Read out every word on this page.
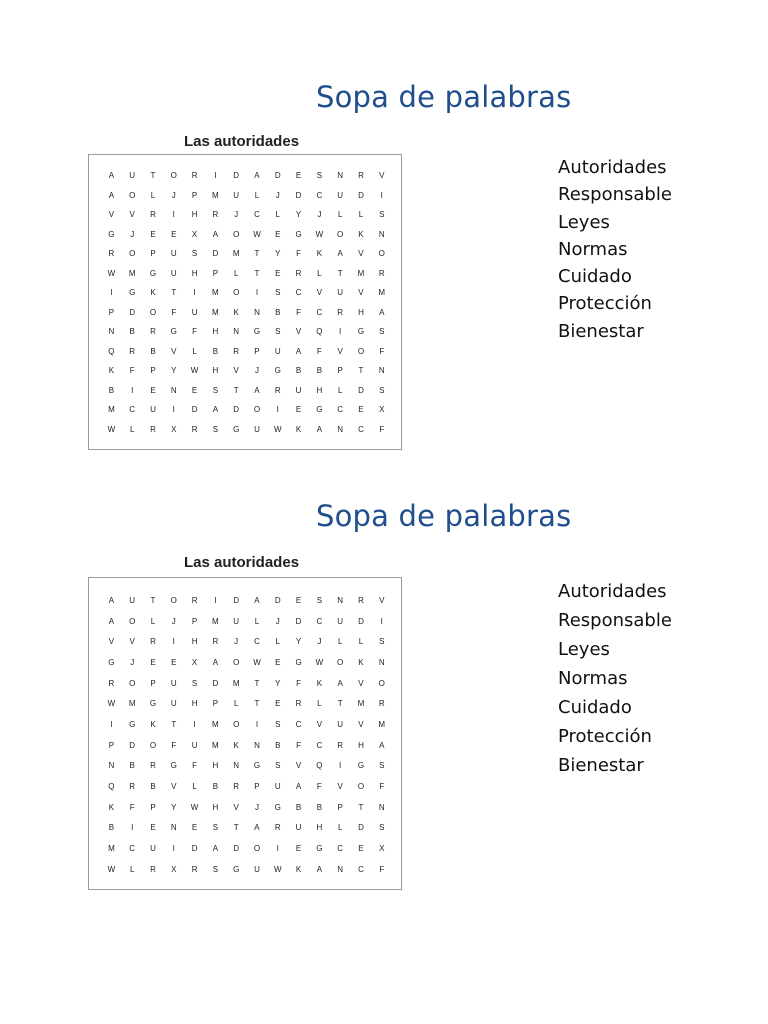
Sopa de palabras
Las autoridades
A	U	T	O	R	I	D	A	D	E	S	N	R	V
A	O	L	J	P	M	U	L	J	D	C	U	D	I
V	V	R	I	H	R	J	C	L	Y	J	L	L	S
G	J	E	E	X	A	O	W	E	G	W	O	K	N
R	O	P	U	S	D	M	T	Y	F	K	A	V	O
W	M	G	U	H	P	L	T	E	R	L	T	M	R
I	G	K	T	I	M	O	I	S	C	V	U	V	M
P	D	O	F	U	M	K	N	B	F	C	R	H	A
N	B	R	G	F	H	N	G	S	V	Q	I	G	S
Q	R	B	V	L	B	R	P	U	A	F	V	O	F
K	F	P	Y	W	H	V	J	G	B	B	P	T	N
B	I	E	N	E	S	T	A	R	U	H	L	D	S
M	C	U	I	D	A	D	O	I	E	G	C	E	X
W	L	R	X	R	S	G	U	W	K	A	N	C	F
Autoridades
Responsable
Leyes
Normas
Cuidado
Protección
Bienestar
Sopa de palabras
Las autoridades
A	U	T	O	R	I	D	A	D	E	S	N	R	V
A	O	L	J	P	M	U	L	J	D	C	U	D	I
V	V	R	I	H	R	J	C	L	Y	J	L	L	S
G	J	E	E	X	A	O	W	E	G	W	O	K	N
R	O	P	U	S	D	M	T	Y	F	K	A	V	O
W	M	G	U	H	P	L	T	E	R	L	T	M	R
I	G	K	T	I	M	O	I	S	C	V	U	V	M
P	D	O	F	U	M	K	N	B	F	C	R	H	A
N	B	R	G	F	H	N	G	S	V	Q	I	G	S
Q	R	B	V	L	B	R	P	U	A	F	V	O	F
K	F	P	Y	W	H	V	J	G	B	B	P	T	N
B	I	E	N	E	S	T	A	R	U	H	L	D	S
M	C	U	I	D	A	D	O	I	E	G	C	E	X
W	L	R	X	R	S	G	U	W	K	A	N	C	F
Autoridades
Responsable
Leyes
Normas
Cuidado
Protección
Bienestar
